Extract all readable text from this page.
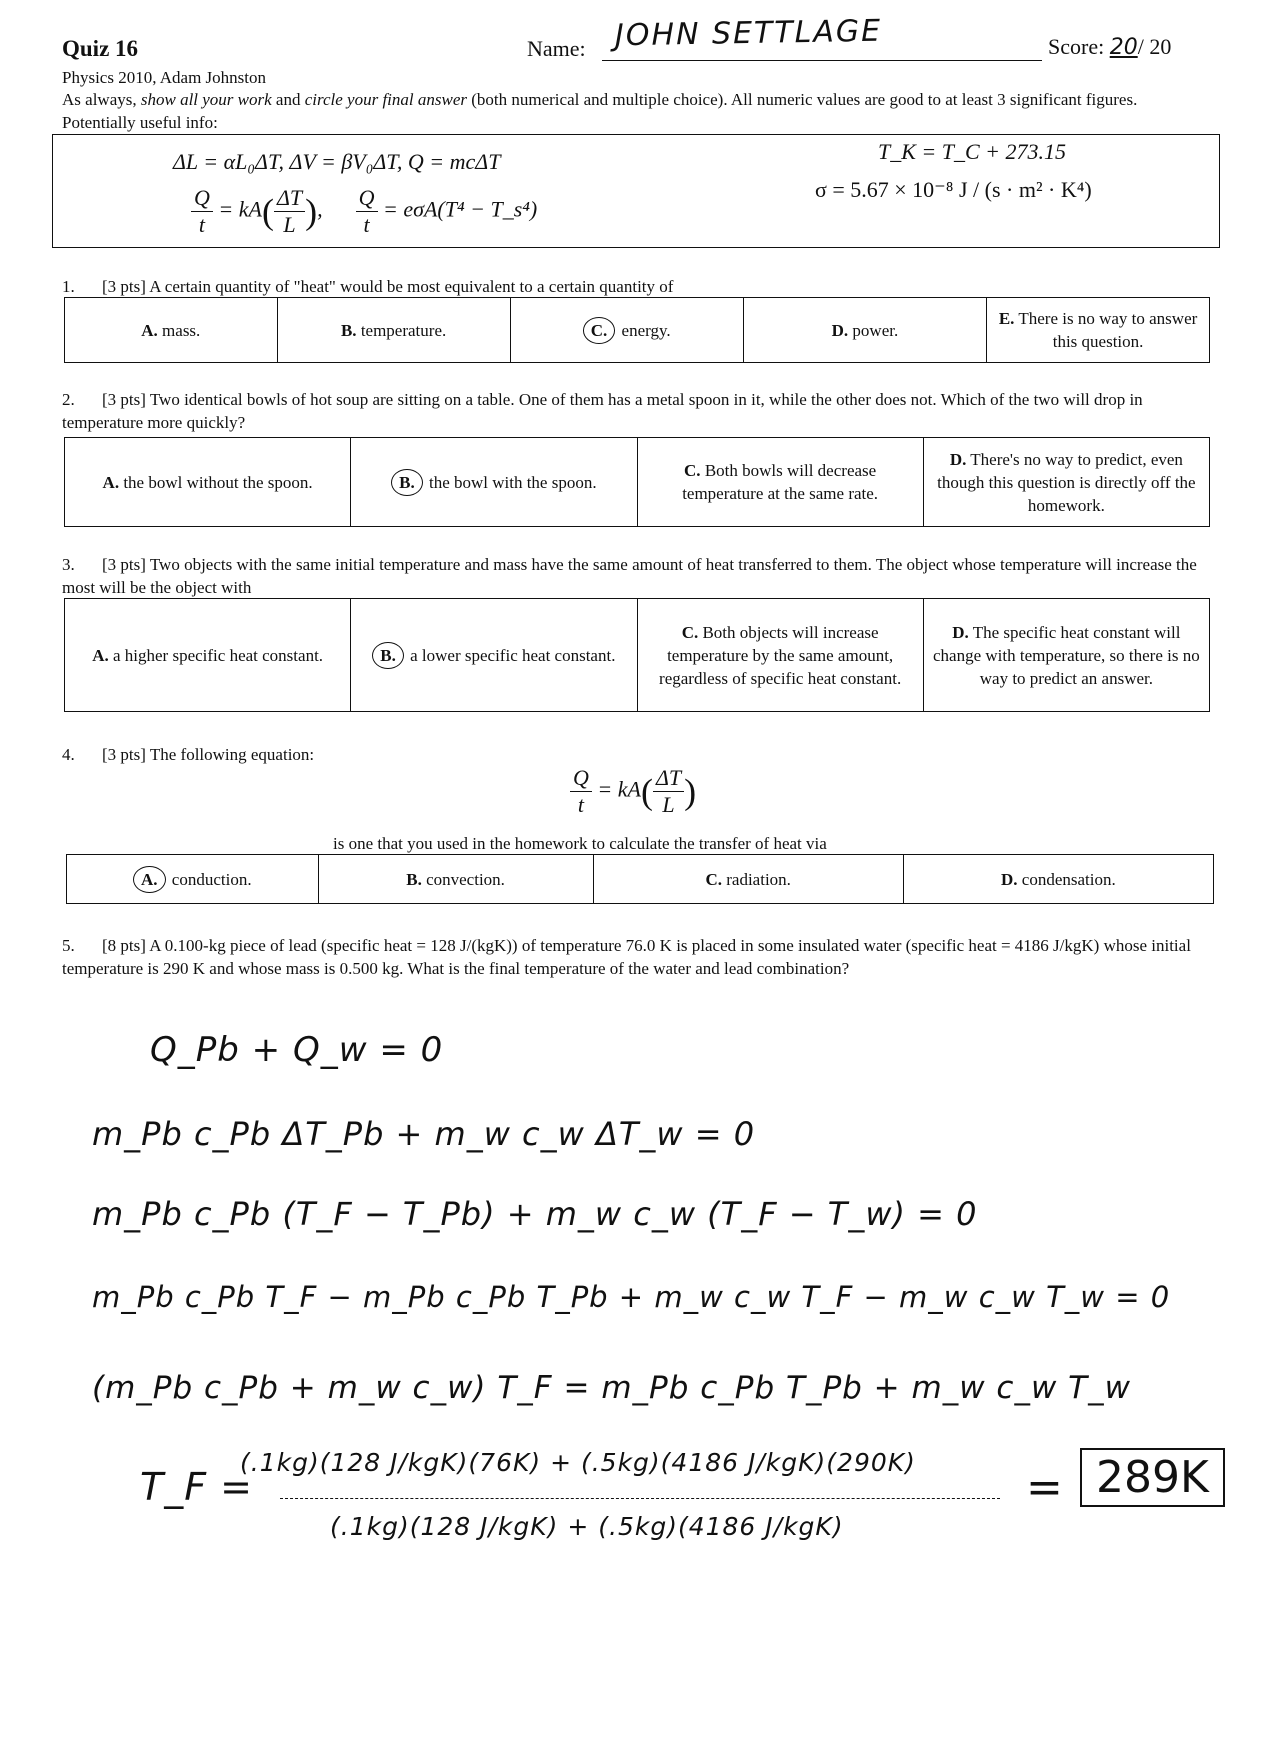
Quiz 16	Name: JOHN SETTLAGE	Score: 20/ 20
Physics 2010, Adam Johnston
As always, show all your work and circle your final answer (both numerical and multiple choice). All numeric values are good to at least 3 significant figures. Potentially useful info:
ΔL = αL₀ΔT, ΔV = βV₀ΔT, Q = mcΔT
$\frac{Q}{t} = kA( \frac{\Delta T}{L}$ ), $\frac{Q}{t} = e\sigma A(T^4$ − T_s⁴)
T_K = T_C + 273.15
σ = 5.67 × 10⁻⁸ J / (s · m² · K⁴)
1. [3 pts] A certain quantity of "heat" would be most equivalent to a certain quantity of
A. mass.	B. temperature.	C. energy.	D. power.	E. There is no way to answer this question.
2. [3 pts] Two identical bowls of hot soup are sitting on a table. One of them has a metal spoon in it, while the other does not. Which of the two will drop in temperature more quickly?
A. the bowl without the spoon.	B. the bowl with the spoon.	C. Both bowls will decrease temperature at the same rate.	D. There's no way to predict, even though this question is directly off the homework.
3. [3 pts] Two objects with the same initial temperature and mass have the same amount of heat transferred to them. The object whose temperature will increase the most will be the object with
A. a higher specific heat constant.	B. a lower specific heat constant.	C. Both objects will increase temperature by the same amount, regardless of specific heat constant.	D. The specific heat constant will change with temperature, so there is no way to predict an answer.
4. [3 pts] The following equation:
$\frac{Q}{t} = kA( \frac{\Delta T}{L}$ )
is one that you used in the homework to calculate the transfer of heat via
A. conduction.	B. convection.	C. radiation.	D. condensation.
5. [8 pts] A 0.100-kg piece of lead (specific heat = 128 J/(kgK)) of temperature 76.0 K is placed in some insulated water (specific heat = 4186 J/kgK) whose initial temperature is 290 K and whose mass is 0.500 kg. What is the final temperature of the water and lead combination?
Q_Pb + Q_w = 0
m_Pb c_Pb ΔT_Pb + m_w c_w ΔT_w = 0
m_Pb c_Pb (T_F − T_Pb) + m_w c_w (T_F − T_w) = 0
m_Pb c_Pb T_F − m_Pb c_Pb T_Pb + m_w c_w T_F − m_w c_w T_w = 0
(m_Pb c_Pb + m_w c_w) T_F = m_Pb c_Pb T_Pb + m_w c_w T_w
T_F =
(.1kg)(128 J/kgK)(76K) + (.5kg)(4186 J/kgK)(290K)
(.1kg)(128 J/kgK) + (.5kg)(4186 J/kgK)
= 289K
